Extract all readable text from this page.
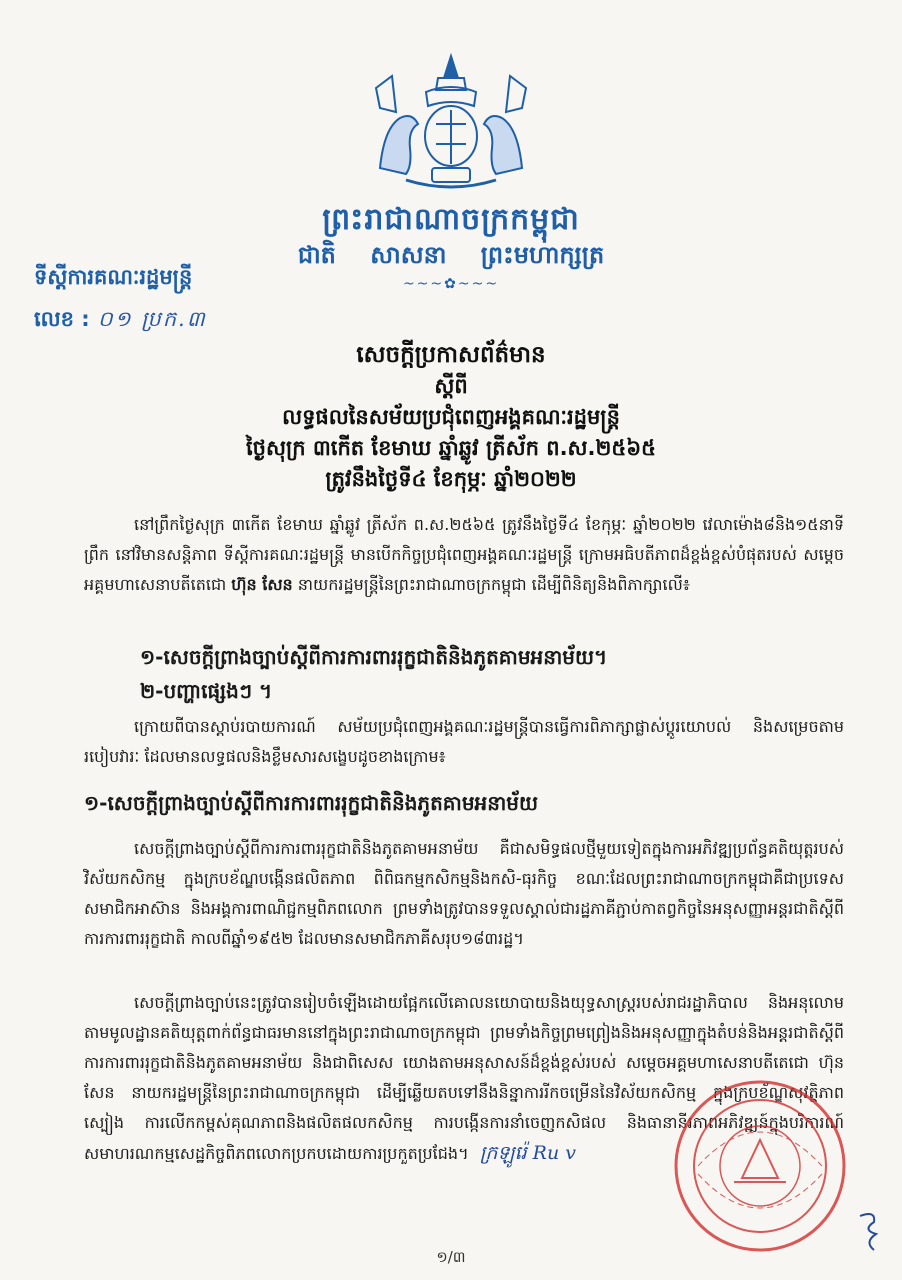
ព្រះរាជាណាចក្រកម្ពុជា
ជាតិ សាសនា ព្រះមហាក្សត្រ
~~~✿~~~
ទីស្ដីការគណៈរដ្ឋមន្ត្រី
លេខ : ០១ ប្រក.៣
សេចក្ដីប្រកាសព័ត៌មាន
ស្ដីពី
លទ្ធផលនៃសម័យប្រជុំពេញអង្គគណៈរដ្ឋមន្ត្រី
ថ្ងៃសុក្រ ៣កើត ខែមាឃ ឆ្នាំឆ្លូវ ត្រីស័ក ព.ស.២៥៦៥
ត្រូវនឹងថ្ងៃទី៤ ខែកុម្ភៈ ឆ្នាំ២០២២
នៅព្រឹកថ្ងៃសុក្រ ៣កើត ខែមាឃ ឆ្នាំឆ្លូវ ត្រីស័ក ព.ស.២៥៦៥ ត្រូវនឹងថ្ងៃទី៤ ខែកុម្ភៈ ឆ្នាំ២០២២ វេលាម៉ោង៨និង១៥នាទីព្រឹក នៅវិមានសន្តិភាព ទីស្ដីការគណៈរដ្ឋមន្ត្រី មានបើកកិច្ចប្រជុំពេញអង្គគណៈរដ្ឋមន្ត្រី ក្រោមអធិបតីភាពដ៏ខ្ពង់ខ្ពស់បំផុតរបស់ សម្ដេចអគ្គមហាសេនាបតីតេជោ ហ៊ុន សែន នាយករដ្ឋមន្ត្រីនៃព្រះរាជាណាចក្រកម្ពុជា ដើម្បីពិនិត្យនិងពិភាក្សាលើ៖
១-សេចក្ដីព្រាងច្បាប់ស្ដីពីការការពាររុក្ខជាតិនិងភូតគាមអនាម័យ។
២-បញ្ហាផ្សេងៗ ។
ក្រោយពីបានស្ដាប់របាយការណ៍ សម័យប្រជុំពេញអង្គគណៈរដ្ឋមន្ត្រីបានធ្វើការពិភាក្សាផ្លាស់ប្ដូរយោបល់ និងសម្រេចតាមរបៀបវារៈ ដែលមានលទ្ធផលនិងខ្លឹមសារសង្ខេបដូចខាងក្រោម៖
១-សេចក្ដីព្រាងច្បាប់ស្ដីពីការការពាររុក្ខជាតិនិងភូតគាមអនាម័យ
សេចក្ដីព្រាងច្បាប់ស្ដីពីការការពាររុក្ខជាតិនិងភូតគាមអនាម័យ គឺជាសមិទ្ធផលថ្មីមួយទៀតក្នុងការអភិវឌ្ឍប្រព័ន្ធគតិយុត្តរបស់វិស័យកសិកម្ម ក្នុងក្របខ័ណ្ឌបង្កើនផលិតភាព ពិពិធកម្មកសិកម្មនិងកសិ-ធុរកិច្ច ខណៈដែលព្រះរាជាណាចក្រកម្ពុជាគឺជាប្រទេសសមាជិកអាស៊ាន និងអង្គការពាណិជ្ជកម្មពិភពលោក ព្រមទាំងត្រូវបានទទួលស្គាល់ជារដ្ឋភាគីភ្ជាប់កាតព្វកិច្ចនៃអនុសញ្ញាអន្តរជាតិស្ដីពីការការពាររុក្ខជាតិ កាលពីឆ្នាំ១៩៥២ ដែលមានសមាជិកភាគីសរុប១៨៣រដ្ឋ។
សេចក្ដីព្រាងច្បាប់នេះត្រូវបានរៀបចំឡើងដោយផ្អែកលើគោលនយោបាយនិងយុទ្ធសាស្ត្ររបស់រាជរដ្ឋាភិបាល និងអនុលោមតាមមូលដ្ឋានគតិយុត្តពាក់ព័ន្ធជាធរមាននៅក្នុងព្រះរាជាណាចក្រកម្ពុជា ព្រមទាំងកិច្ចព្រមព្រៀងនិងអនុសញ្ញាក្នុងតំបន់និងអន្តរជាតិស្ដីពីការការពាររុក្ខជាតិនិងភូតគាមអនាម័យ និងជាពិសេស យោងតាមអនុសាសន៍ដ៏ខ្ពង់ខ្ពស់របស់ សម្ដេចអគ្គមហាសេនាបតីតេជោ ហ៊ុន សែន នាយករដ្ឋមន្ត្រីនៃព្រះរាជាណាចក្រកម្ពុជា ដើម្បីឆ្លើយតបទៅនឹងនិន្នាការរីកចម្រើននៃវិស័យកសិកម្ម ក្នុងក្របខ័ណ្ឌសុវត្ថិភាពស្បៀង ការលើកកម្ពស់គុណភាពនិងផលិតផលកសិកម្ម ការបង្កើនការនាំចេញកសិផល និងធានានីរភាពអភិវឌ្ឍន៍ក្នុងបរិការណ៍សមាហរណកម្មសេដ្ឋកិច្ចពិភពលោកប្រកបដោយការប្រកួតប្រជែង។ ក្រឡូរ៉េ Ru v
១/៣
